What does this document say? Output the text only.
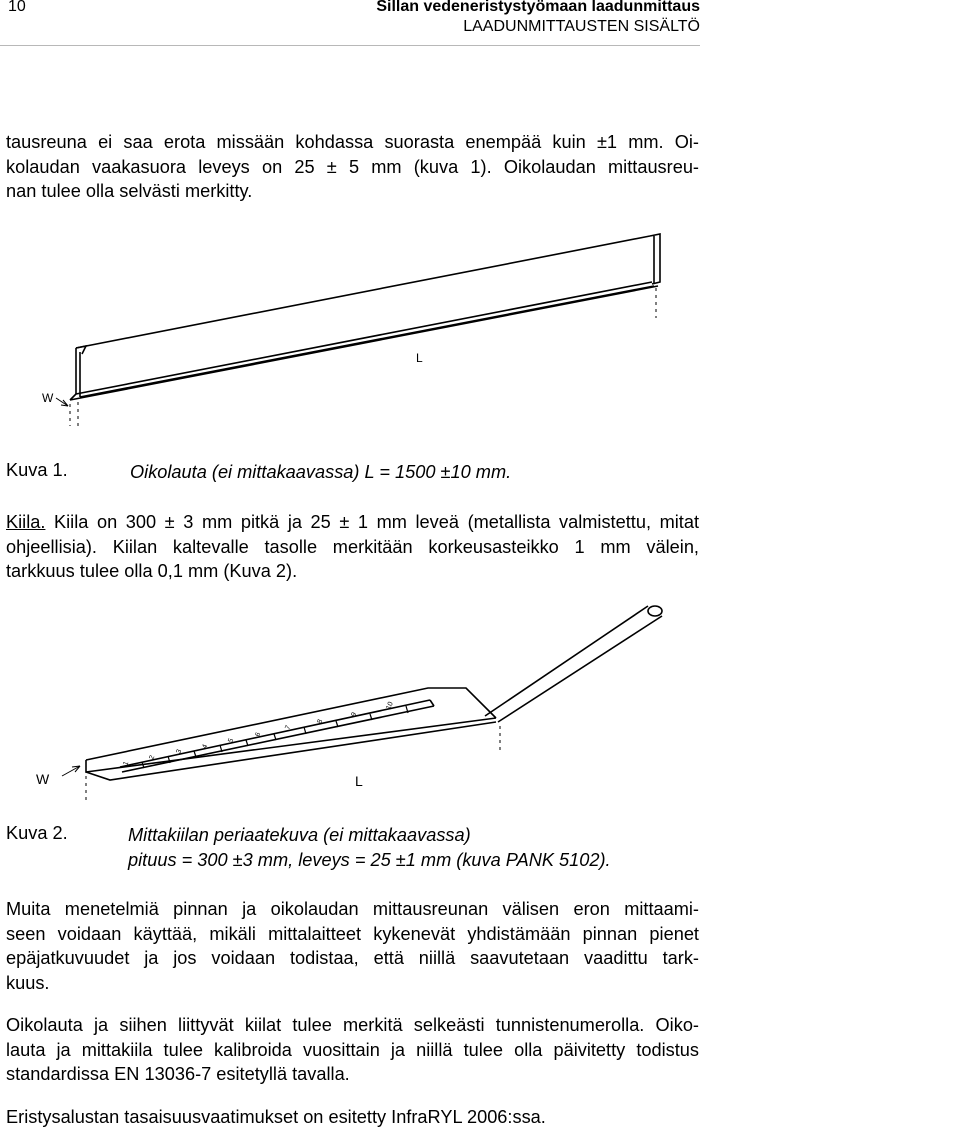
10	Sillan vedeneristystyömaan laadunmittaus
LAADUNMITTAUSTEN SISÄLTÖ
tausreuna ei saa erota missään kohdassa suorasta enempää kuin ±1 mm. Oi-
kolaudan vaakasuora leveys on 25 ± 5 mm (kuva 1). Oikolaudan mittausreu-
nan tulee olla selvästi merkitty.
L
W
Kuva 1.	Oikolauta (ei mittakaavassa) L = 1500 ±10 mm.
Kiila. Kiila on 300 ± 3 mm pitkä ja 25 ± 1 mm leveä (metallista valmistettu, mitat
ohjeellisia). Kiilan kaltevalle tasolle merkitään korkeusasteikko 1 mm välein,
tarkkuus tulee olla 0,1 mm (Kuva 2).
1
2
3
4
5
6
7
8
9
10
W	L
Kuva 2.	Mittakiilan periaatekuva (ei mittakaavassa)
pituus = 300 ±3 mm, leveys = 25 ±1 mm (kuva PANK 5102).
Muita menetelmiä pinnan ja oikolaudan mittausreunan välisen eron mittaami-
seen voidaan käyttää, mikäli mittalaitteet kykenevät yhdistämään pinnan pienet
epäjatkuvuudet ja jos voidaan todistaa, että niillä saavutetaan vaadittu tark-
kuus.
Oikolauta ja siihen liittyvät kiilat tulee merkitä selkeästi tunnistenumerolla. Oiko-
lauta ja mittakiila tulee kalibroida vuosittain ja niillä tulee olla päivitetty todistus
standardissa EN 13036-7 esitetyllä tavalla.
Eristysalustan tasaisuusvaatimukset on esitetty InfraRYL 2006:ssa.
